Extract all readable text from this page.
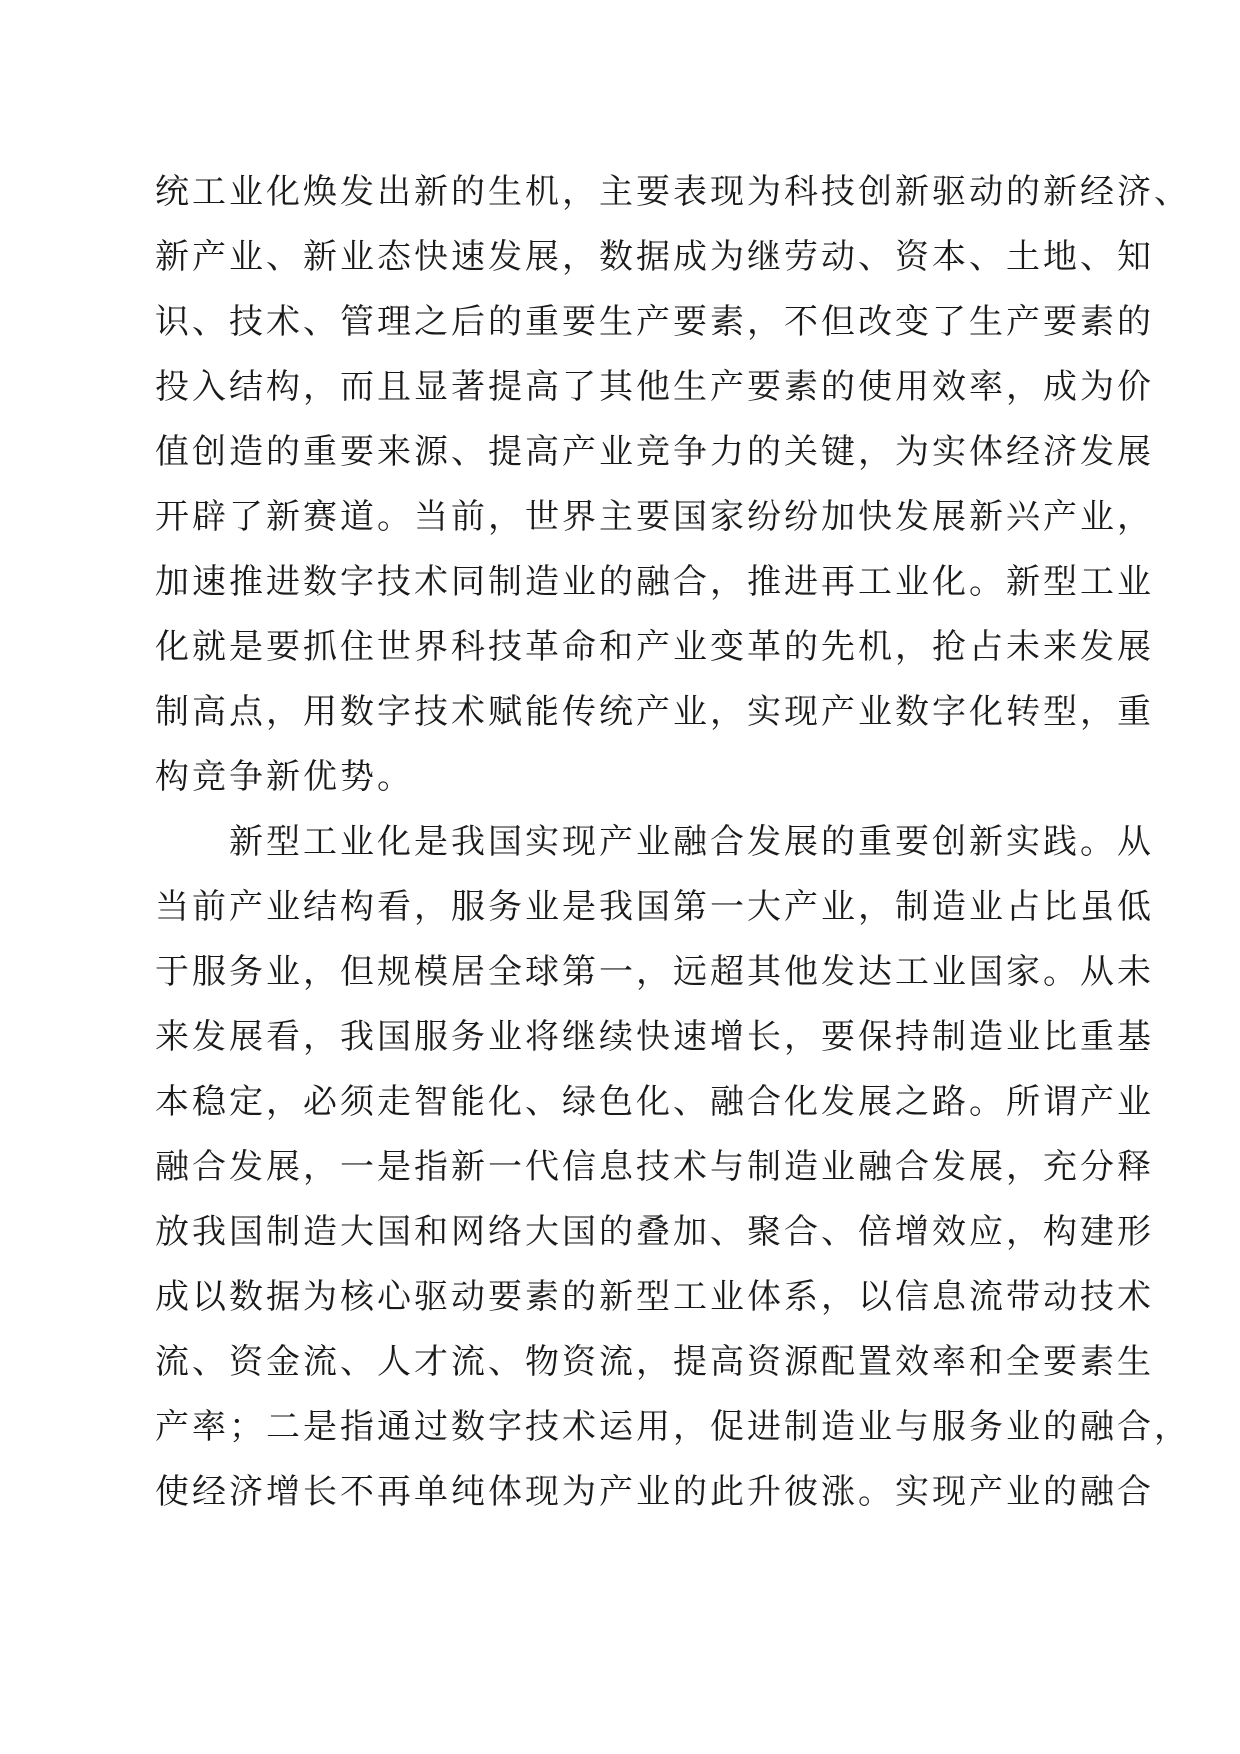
统工业化焕发出新的生机，主要表现为科技创新驱动的新经济、
新产业、新业态快速发展，数据成为继劳动、资本、土地、知
识、技术、管理之后的重要生产要素，不但改变了生产要素的
投入结构，而且显著提高了其他生产要素的使用效率，成为价
值创造的重要来源、提高产业竞争力的关键，为实体经济发展
开辟了新赛道。当前，世界主要国家纷纷加快发展新兴产业，
加速推进数字技术同制造业的融合，推进再工业化。新型工业
化就是要抓住世界科技革命和产业变革的先机，抢占未来发展
制高点，用数字技术赋能传统产业，实现产业数字化转型，重
构竞争新优势。
新型工业化是我国实现产业融合发展的重要创新实践。从
当前产业结构看，服务业是我国第一大产业，制造业占比虽低
于服务业，但规模居全球第一，远超其他发达工业国家。从未
来发展看，我国服务业将继续快速增长，要保持制造业比重基
本稳定，必须走智能化、绿色化、融合化发展之路。所谓产业
融合发展，一是指新一代信息技术与制造业融合发展，充分释
放我国制造大国和网络大国的叠加、聚合、倍增效应，构建形
成以数据为核心驱动要素的新型工业体系，以信息流带动技术
流、资金流、人才流、物资流，提高资源配置效率和全要素生
产率；二是指通过数字技术运用，促进制造业与服务业的融合，
使经济增长不再单纯体现为产业的此升彼涨。实现产业的融合
